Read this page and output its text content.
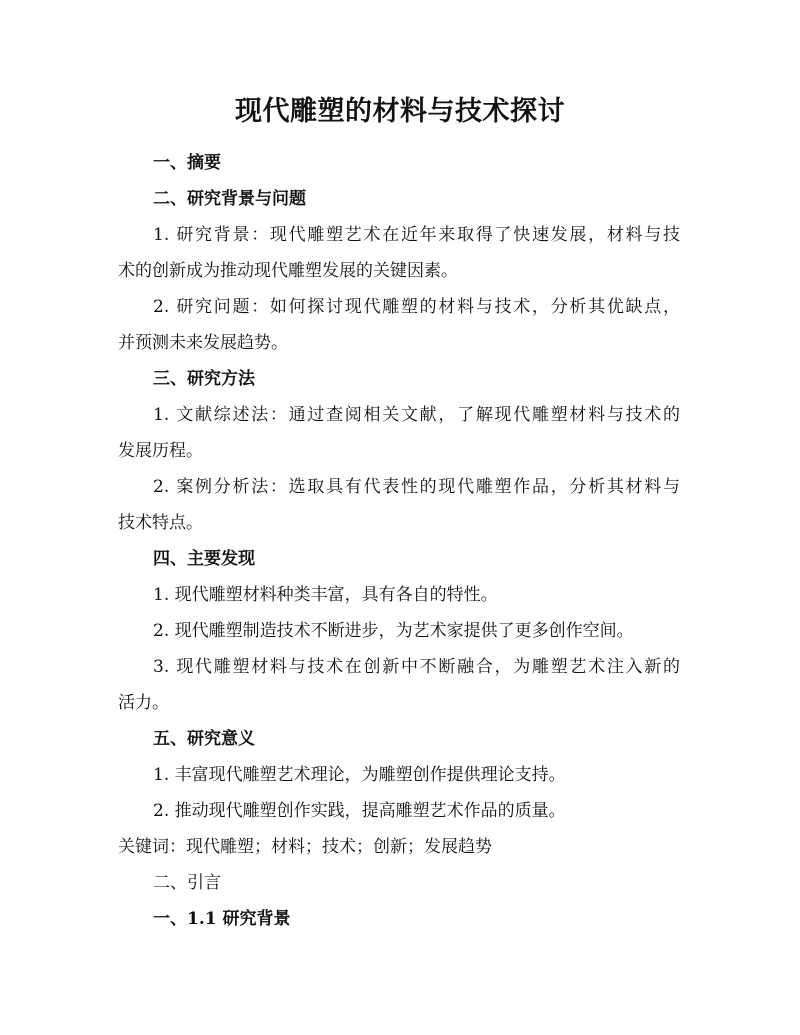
现代雕塑的材料与技术探讨
一、摘要
二、研究背景与问题
1. 研究背景：现代雕塑艺术在近年来取得了快速发展，材料与技
术的创新成为推动现代雕塑发展的关键因素。
2. 研究问题：如何探讨现代雕塑的材料与技术，分析其优缺点，
并预测未来发展趋势。
三、研究方法
1. 文献综述法：通过查阅相关文献，了解现代雕塑材料与技术的
发展历程。
2. 案例分析法：选取具有代表性的现代雕塑作品，分析其材料与
技术特点。
四、主要发现
1. 现代雕塑材料种类丰富，具有各自的特性。
2. 现代雕塑制造技术不断进步，为艺术家提供了更多创作空间。
3. 现代雕塑材料与技术在创新中不断融合，为雕塑艺术注入新的
活力。
五、研究意义
1. 丰富现代雕塑艺术理论，为雕塑创作提供理论支持。
2. 推动现代雕塑创作实践，提高雕塑艺术作品的质量。
关键词：现代雕塑；材料；技术；创新；发展趋势
二、引言
一、1.1 研究背景
